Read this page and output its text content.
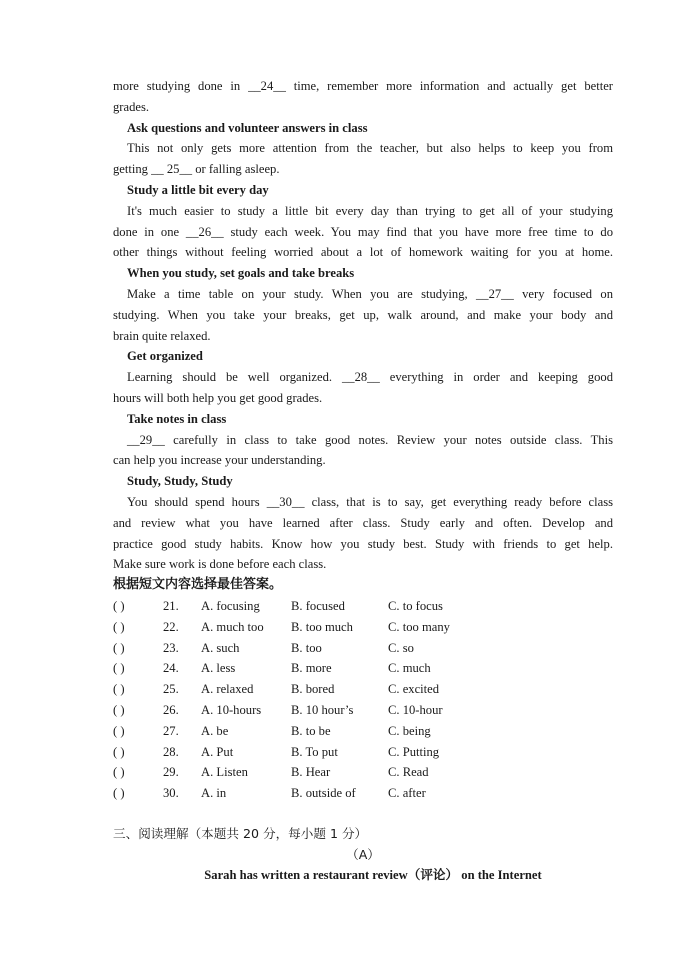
more studying done in __24__ time, remember more information and actually get better
grades.
Ask questions and volunteer answers in class
This not only gets more attention from the teacher, but also helps to keep you from
getting __ 25__ or falling asleep.
Study a little bit every day
It's much easier to study a little bit every day than trying to get all of your studying
done in one __26__ study each week. You may find that you have more free time to do
other things without feeling worried about a lot of homework waiting for you at home.
When you study, set goals and take breaks
Make a time table on your study. When you are studying, __27__ very focused on
studying. When you take your breaks, get up, walk around, and make your body and
brain quite relaxed.
Get organized
Learning should be well organized. __28__ everything in order and keeping good
hours will both help you get good grades.
Take notes in class
__29__ carefully in class to take good notes. Review your notes outside class. This
can help you increase your understanding.
Study, Study, Study
You should spend hours __30__ class, that is to say, get everything ready before class
and review what you have learned after class. Study early and often. Develop and
practice good study habits. Know how you study best. Study with friends to get help.
Make sure work is done before each class.
根据短文内容选择最佳答案。
( )	21.	A. focusing	B. focused	C. to focus
( )	22.	A. much too	B. too much	C. too many
( )	23.	A. such	B. too	C. so
( )	24.	A. less	B. more	C. much
( )	25.	A. relaxed	B. bored	C. excited
( )	26.	A. 10-hours	B. 10 hour’s	C. 10-hour
( )	27.	A. be	B. to be	C. being
( )	28.	A. Put	B. To put	C. Putting
( )	29.	A. Listen	B. Hear	C. Read
( )	30.	A. in	B. outside of	C. after
三、阅读理解（本题共 20 分，每小题 1 分）
（A）
Sarah has written a restaurant review（评论） on the Internet
